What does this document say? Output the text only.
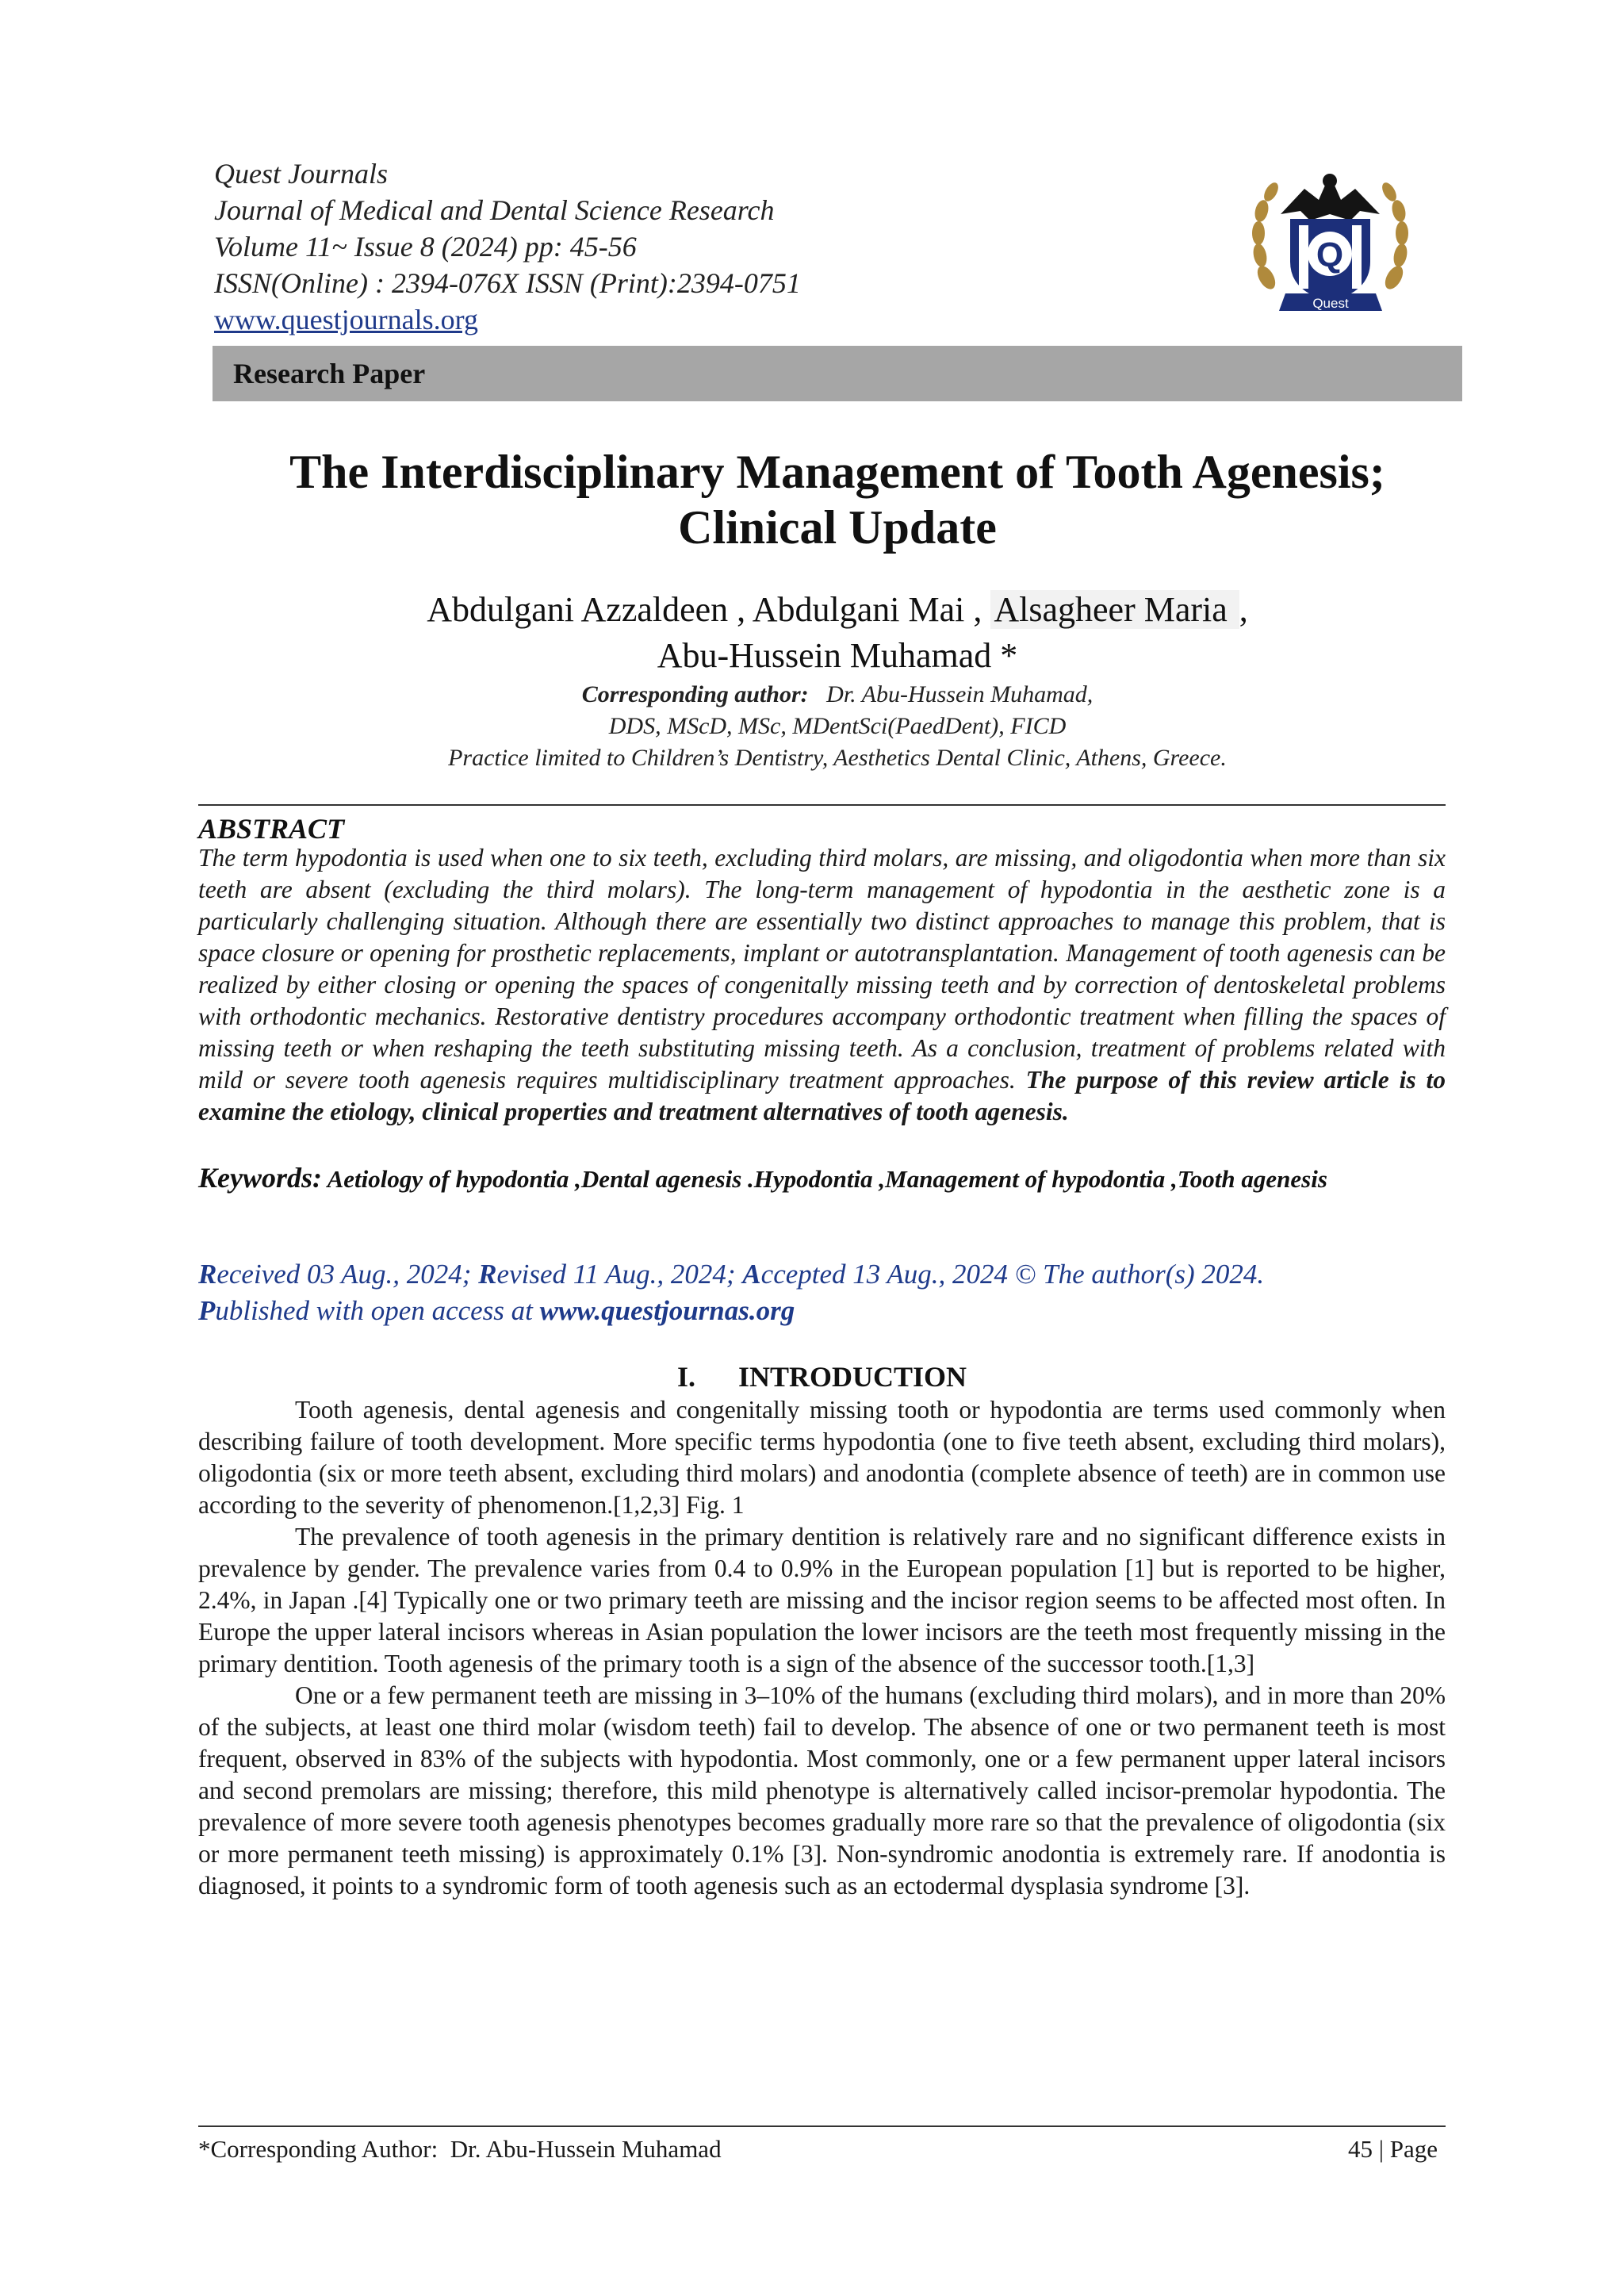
Quest Journals
Journal of Medical and Dental Science Research
Volume 11~ Issue 8 (2024) pp: 45-56
ISSN(Online) : 2394-076X ISSN (Print):2394-0751
www.questjournals.org
Q
Quest
Research Paper
The Interdisciplinary Management of Tooth Agenesis;
Clinical Update
Abdulgani Azzaldeen , Abdulgani Mai , Alsagheer Maria ,
Abu-Hussein Muhamad *
Corresponding author:   Dr. Abu-Hussein Muhamad,
DDS, MScD, MSc, MDentSci(PaedDent), FICD
Practice limited to Children’s Dentistry, Aesthetics Dental Clinic, Athens, Greece.
ABSTRACT
The term hypodontia is used when one to six teeth, excluding third molars, are missing, and oligodontia when more than six teeth are absent (excluding the third molars). The long-term management of hypodontia in the aesthetic zone is a particularly challenging situation. Although there are essentially two distinct approaches to manage this problem, that is space closure or opening for prosthetic replacements, implant or autotransplantation. Management of tooth agenesis can be realized by either closing or opening the spaces of congenitally missing teeth and by correction of dentoskeletal problems with orthodontic mechanics. Restorative dentistry procedures accompany orthodontic treatment when filling the spaces of missing teeth or when reshaping the teeth substituting missing teeth. As a conclusion, treatment of problems related with mild or severe tooth agenesis requires multidisciplinary treatment approaches. The purpose of this review article is to examine the etiology, clinical properties and treatment alternatives of tooth agenesis.
Keywords: Aetiology of hypodontia ,Dental agenesis .Hypodontia ,Management of hypodontia ,Tooth agenesis
Received 03 Aug., 2024; Revised 11 Aug., 2024; Accepted 13 Aug., 2024 © The author(s) 2024.
Published with open access at www.questjournas.org
I. INTRODUCTION

Tooth agenesis, dental agenesis and congenitally missing tooth or hypodontia are terms used commonly when describing failure of tooth development. More specific terms hypodontia (one to five teeth absent, excluding third molars), oligodontia (six or more teeth absent, excluding third molars) and anodontia (complete absence of teeth) are in common use according to the severity of phenomenon.[1,2,3] Fig. 1

The prevalence of tooth agenesis in the primary dentition is relatively rare and no significant difference exists in prevalence by gender. The prevalence varies from 0.4 to 0.9% in the European population [1] but is reported to be higher, 2.4%, in Japan .[4] Typically one or two primary teeth are missing and the incisor region seems to be affected most often. In Europe the upper lateral incisors whereas in Asian population the lower incisors are the teeth most frequently missing in the primary dentition. Tooth agenesis of the primary tooth is a sign of the absence of the successor tooth.[1,3]

One or a few permanent teeth are missing in 3–10% of the humans (excluding third molars), and in more than 20% of the subjects, at least one third molar (wisdom teeth) fail to develop. The absence of one or two permanent teeth is most frequent, observed in 83% of the subjects with hypodontia. Most commonly, one or a few permanent upper lateral incisors and second premolars are missing; therefore, this mild phenotype is alternatively called incisor-premolar hypodontia. The prevalence of more severe tooth agenesis phenotypes becomes gradually more rare so that the prevalence of oligodontia (six or more permanent teeth missing) is approximately 0.1% [3]. Non-syndromic anodontia is extremely rare. If anodontia is diagnosed, it points to a syndromic form of tooth agenesis such as an ectodermal dysplasia syndrome [3].

*Corresponding Author:  Dr. Abu-Hussein Muhamad	45 | Page
